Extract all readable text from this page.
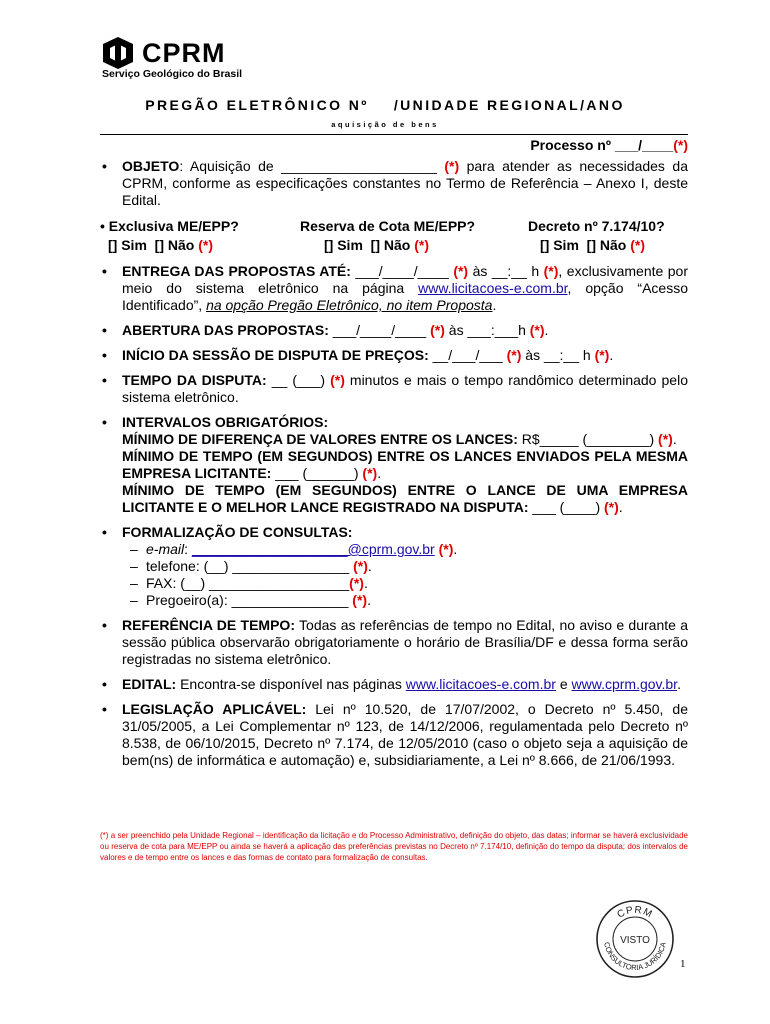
CPRM
Serviço Geológico do Brasil
PREGÃO ELETRÔNICO Nº    /UNIDADE REGIONAL/ANO
aquisição de bens
Processo nº ___/____(*)
• OBJETO: Aquisição de ____________________ (*) para atender as necessidades da CPRM, conforme as especificações constantes no Termo de Referência – Anexo I, deste Edital.
• Exclusiva ME/EPP?
[] Sim [] Não (*)
Reserva de Cota ME/EPP?
[] Sim [] Não (*)
Decreto nº 7.174/10?
[] Sim [] Não (*)
• ENTREGA DAS PROPOSTAS ATÉ: ___/____/____ (*) às __:__ h (*), exclusivamente por meio do sistema eletrônico na página www.licitacoes-e.com.br, opção “Acesso Identificado”, na opção Pregão Eletrônico, no item Proposta.
• ABERTURA DAS PROPOSTAS: ___/____/____ (*) às ___:___h (*).
• INÍCIO DA SESSÃO DE DISPUTA DE PREÇOS: __/___/___ (*) às __:__ h (*).
• TEMPO DA DISPUTA: __ (___) (*) minutos e mais o tempo randômico determinado pelo sistema eletrônico.
• INTERVALOS OBRIGATÓRIOS:
MÍNIMO DE DIFERENÇA DE VALORES ENTRE OS LANCES: R$_____ (________) (*).
MÍNIMO DE TEMPO (EM SEGUNDOS) ENTRE OS LANCES ENVIADOS PELA MESMA EMPRESA LICITANTE: ___ (______) (*).
MÍNIMO DE TEMPO (EM SEGUNDOS) ENTRE O LANCE DE UMA EMPRESA LICITANTE E O MELHOR LANCE REGISTRADO NA DISPUTA: ___ (____) (*).
• FORMALIZAÇÃO DE CONSULTAS:
– e-mail: ____________________@cprm.gov.br (*).
– telefone: (__) _______________ (*).
– FAX: (__) __________________(*).
– Pregoeiro(a): _______________ (*).
• REFERÊNCIA DE TEMPO: Todas as referências de tempo no Edital, no aviso e durante a sessão pública observarão obrigatoriamente o horário de Brasília/DF e dessa forma serão registradas no sistema eletrônico.
• EDITAL: Encontra-se disponível nas páginas www.licitacoes-e.com.br e www.cprm.gov.br.
• LEGISLAÇÃO APLICÁVEL: Lei nº 10.520, de 17/07/2002, o Decreto nº 5.450, de 31/05/2005, a Lei Complementar nº 123, de 14/12/2006, regulamentada pelo Decreto nº 8.538, de 06/10/2015, Decreto nº 7.174, de 12/05/2010 (caso o objeto seja a aquisição de bem(ns) de informática e automação) e, subsidiariamente, a Lei nº 8.666, de 21/06/1993.
(*) a ser preenchido pela Unidade Regional – identificação da licitação e do Processo Administrativo, definição do objeto, das datas; informar se haverá exclusividade ou reserva de cota para ME/EPP ou ainda se haverá a aplicação das preferências previstas no Decreto nº 7.174/10, definição do tempo da disputa; dos intervalos de valores e de tempo entre os lances e das formas de contato para formalização de consultas.
CPRM
VISTO
CONSULTORIA JURÍDICA
1
